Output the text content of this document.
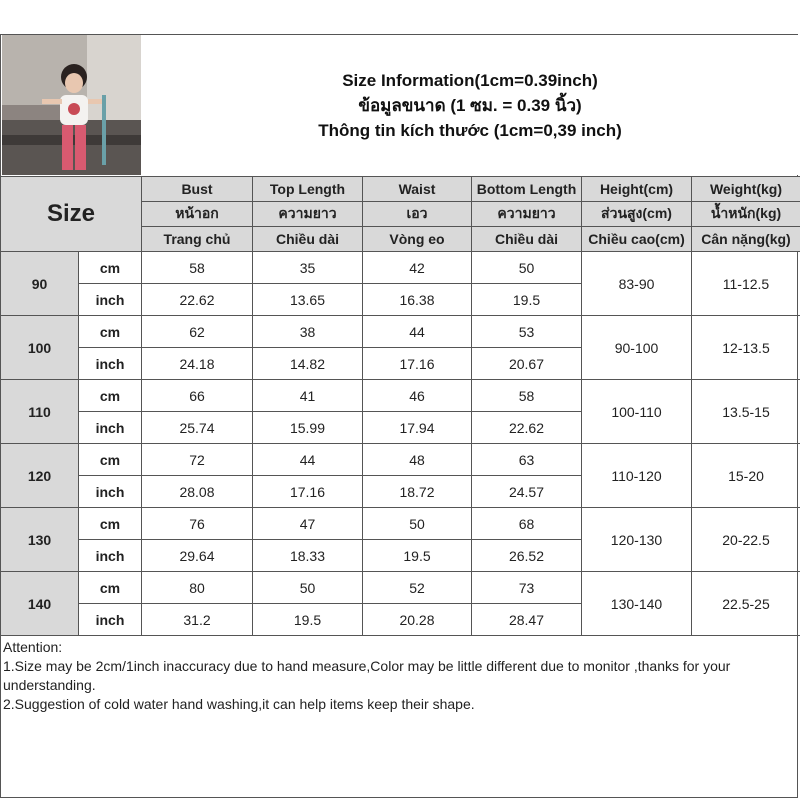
Size Information(1cm=0.39inch)
ข้อมูลขนาด (1 ซม. = 0.39 นิ้ว)
Thông tin kích thước (1cm=0,39 inch)
Size		Bust	Top Length	Waist	Bottom Length	Height(cm)	Weight(kg)
		หน้าอก	ความยาว	เอว	ความยาว	ส่วนสูง(cm)	น้ำหนัก(kg)
		Trang chủ	Chiều dài	Vòng eo	Chiều dài	Chiều cao(cm)	Cân nặng(kg)
90	cm	58	35	42	50	83-90	11-12.5
	inch	22.62	13.65	16.38	19.5		
100	cm	62	38	44	53	90-100	12-13.5
	inch	24.18	14.82	17.16	20.67		
110	cm	66	41	46	58	100-110	13.5-15
	inch	25.74	15.99	17.94	22.62		
120	cm	72	44	48	63	110-120	15-20
	inch	28.08	17.16	18.72	24.57		
130	cm	76	47	50	68	120-130	20-22.5
	inch	29.64	18.33	19.5	26.52		
140	cm	80	50	52	73	130-140	22.5-25
	inch	31.2	19.5	20.28	28.47		
Attention:
1.Size may be 2cm/1inch inaccuracy due to hand measure,Color may be little different due to monitor ,thanks for your understanding.
2.Suggestion of cold water hand washing,it can help items keep their shape.
